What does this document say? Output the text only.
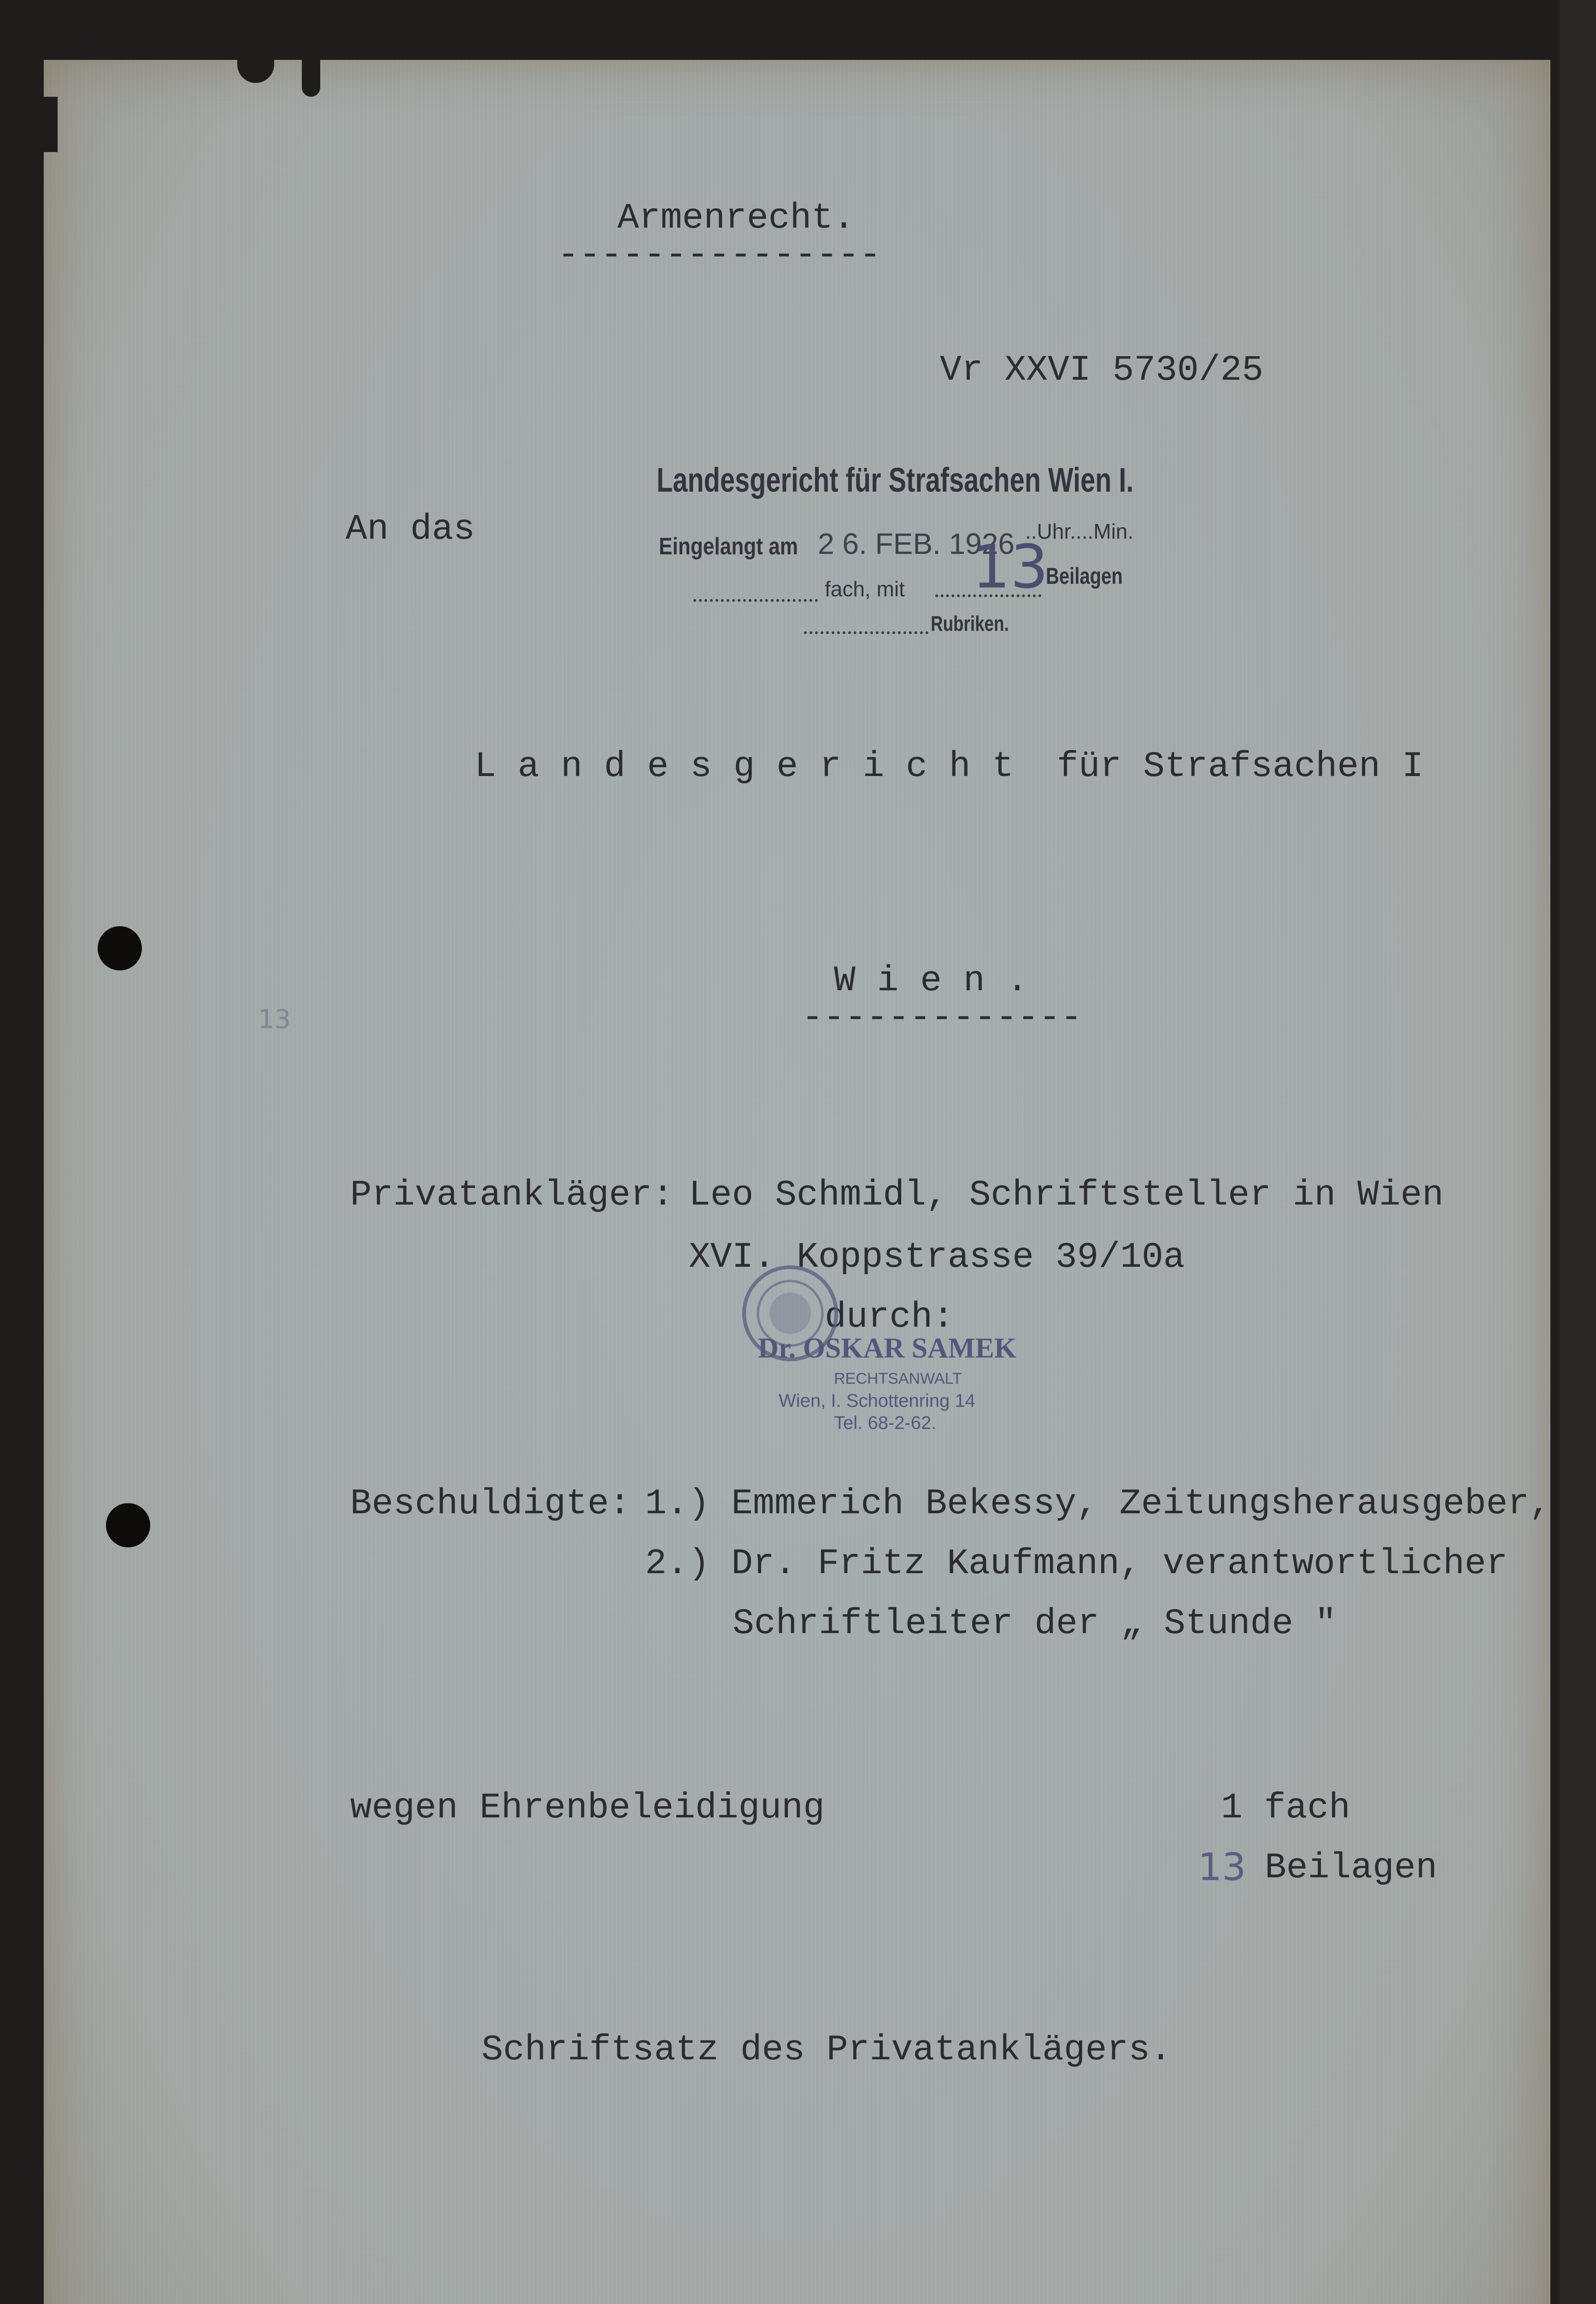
Armenrecht.
---------------
Vr XXVI 5730/25
An das
L a n d e s g e r i c h t  für Strafsachen I
W i e n .
-------------
Privatankläger: Leo Schmidl, Schriftsteller in Wien
XVI. Koppstrasse 39/10a
durch:
Beschuldigte: 1.) Emmerich Bekessy, Zeitungsherausgeber,
2.) Dr. Fritz Kaufmann, verantwortlicher
Schriftleiter der „ Stunde "
wegen Ehrenbeleidigung	1 fach
13 Beilagen
Schriftsatz des Privatanklägers.
Landesgericht für Strafsachen Wien I.
Eingelangt am 2 6. FEB. 1926 ..Uhr....Min.
fach, mit 13
Beilagen
Rubriken.
Dr. OSKAR SAMEK
RECHTSANWALT
Wien, I. Schottenring 14
Tel. 68-2-62.
13
